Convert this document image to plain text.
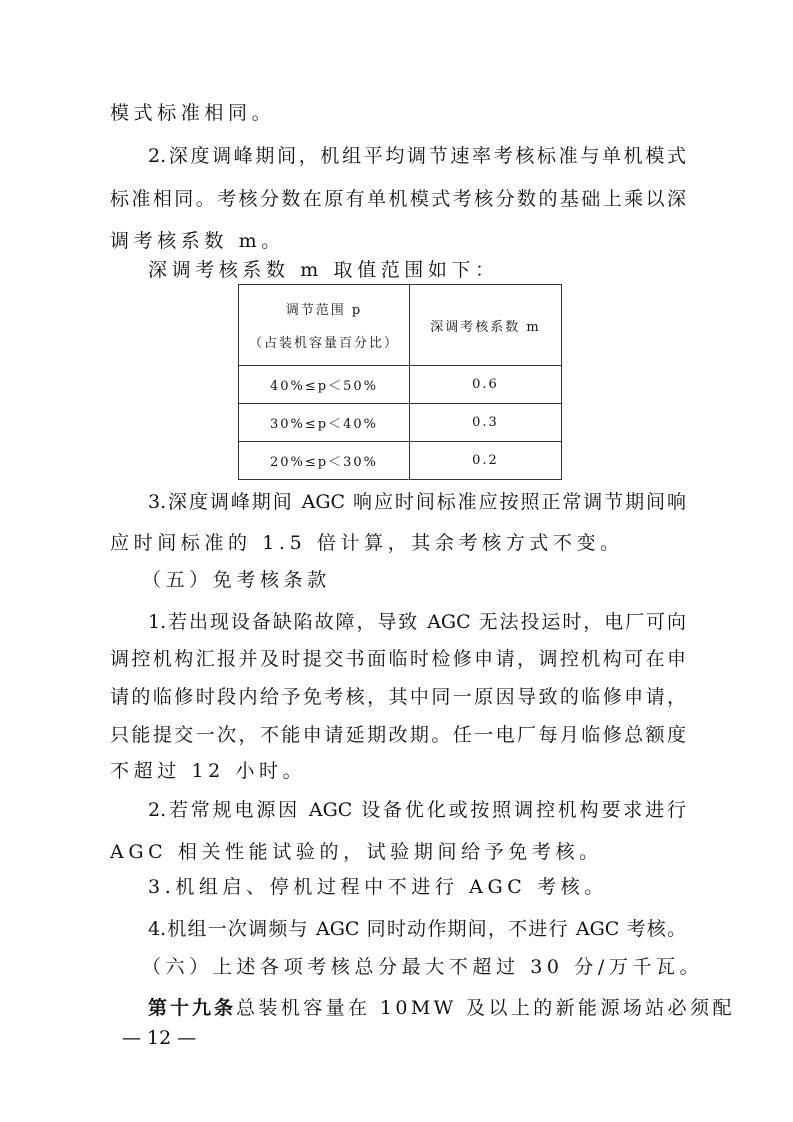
模式标准相同。
2.深度调峰期间，机组平均调节速率考核标准与单机模式
标准相同。考核分数在原有单机模式考核分数的基础上乘以深
调考核系数 m。
深调考核系数 m 取值范围如下：
调节范围 p
（占装机容量百分比）	深调考核系数 m
40%≤p＜50%	0.6
30%≤p＜40%	0.3
20%≤p＜30%	0.2
3.深度调峰期间 AGC 响应时间标准应按照正常调节期间响
应时间标准的 1.5 倍计算，其余考核方式不变。
（五）免考核条款
1.若出现设备缺陷故障，导致 AGC 无法投运时，电厂可向
调控机构汇报并及时提交书面临时检修申请，调控机构可在申
请的临修时段内给予免考核，其中同一原因导致的临修申请，
只能提交一次，不能申请延期改期。任一电厂每月临修总额度
不超过 12 小时。
2.若常规电源因 AGC 设备优化或按照调控机构要求进行
AGC 相关性能试验的，试验期间给予免考核。
3.机组启、停机过程中不进行 AGC 考核。
4.机组一次调频与 AGC 同时动作期间，不进行 AGC 考核。
（六）上述各项考核总分最大不超过 30 分/万千瓦。
第十九条 总装机容量在 10MW 及以上的新能源场站必须配
— 12 —
